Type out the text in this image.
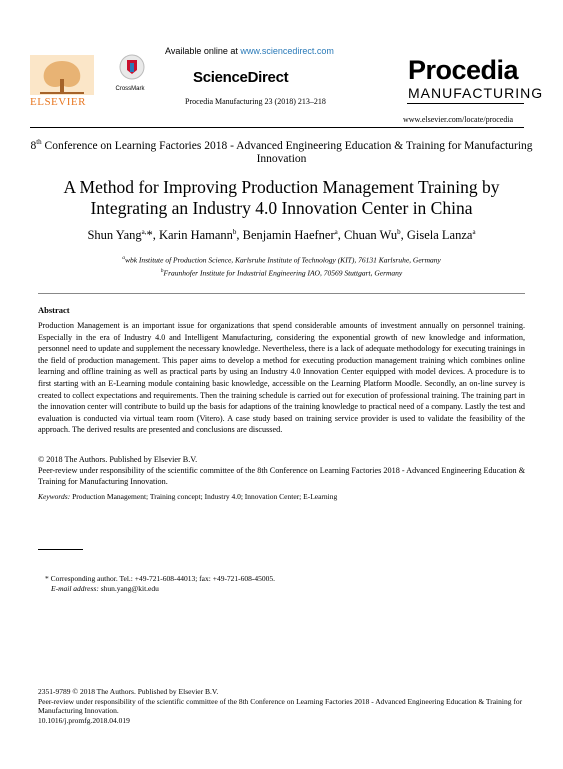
Available online at www.sciencedirect.com
CrossMark
ScienceDirect
Procedia Manufacturing 23 (2018) 213–218
ELSEVIER
Procedia
MANUFACTURING
www.elsevier.com/locate/procedia
8th Conference on Learning Factories 2018 - Advanced Engineering Education & Training for Manufacturing Innovation
A Method for Improving Production Management Training by Integrating an Industry 4.0 Innovation Center in China
Shun Yang$^{a,}$*, Karin Hamann$^b$, Benjamin Haefner$^a$, Chuan Wu$^b$, Gisela Lanza$^a$
$^a$wbk Institute of Production Science, Karlsruhe Institute of Technology (KIT), 76131 Karlsruhe, Germany
$^b$Fraunhofer Institute for Industrial Engineering IAO, 70569 Stuttgart, Germany
Abstract
Production Management is an important issue for organizations that spend considerable amounts of investment annually on personnel training. Especially in the era of Industry 4.0 and Intelligent Manufacturing, considering the exponential growth of new knowledge and information, personnel need to update and supplement the necessary knowledge. Nevertheless, there is a lack of adequate methodology for executing trainings in the field of production management. This paper aims to develop a method for executing production management training which combines online learning and offline training as well as practical parts by using an Industry 4.0 Innovation Center equipped with model devices. A procedure is to first starting with an E-Learning module containing basic knowledge, accessible on the Learning Platform Moodle. Secondly, an on-line survey is created to collect expectations and requirements. Then the training schedule is carried out for execution of professional training. The training part in the innovation center will contribute to build up the basis for adaptions of the training knowledge to practical need of a company. Lastly the test and evaluation is conducted via virtual team room (Vitero). A case study based on training service provider is used to validate the feasibility of the approach. The derived results are presented and conclusions are discussed.
© 2018 The Authors. Published by Elsevier B.V.
Peer-review under responsibility of the scientific committee of the 8th Conference on Learning Factories 2018 - Advanced Engineering Education & Training for Manufacturing Innovation.
Keywords: Production Management; Training concept; Industry 4.0; Innovation Center; E-Learning
* Corresponding author. Tel.: +49-721-608-44013; fax: +49-721-608-45005.
E-mail address: shun.yang@kit.edu
2351-9789 © 2018 The Authors. Published by Elsevier B.V.
Peer-review under responsibility of the scientific committee of the 8th Conference on Learning Factories 2018 - Advanced Engineering Education & Training for Manufacturing Innovation.
10.1016/j.promfg.2018.04.019
